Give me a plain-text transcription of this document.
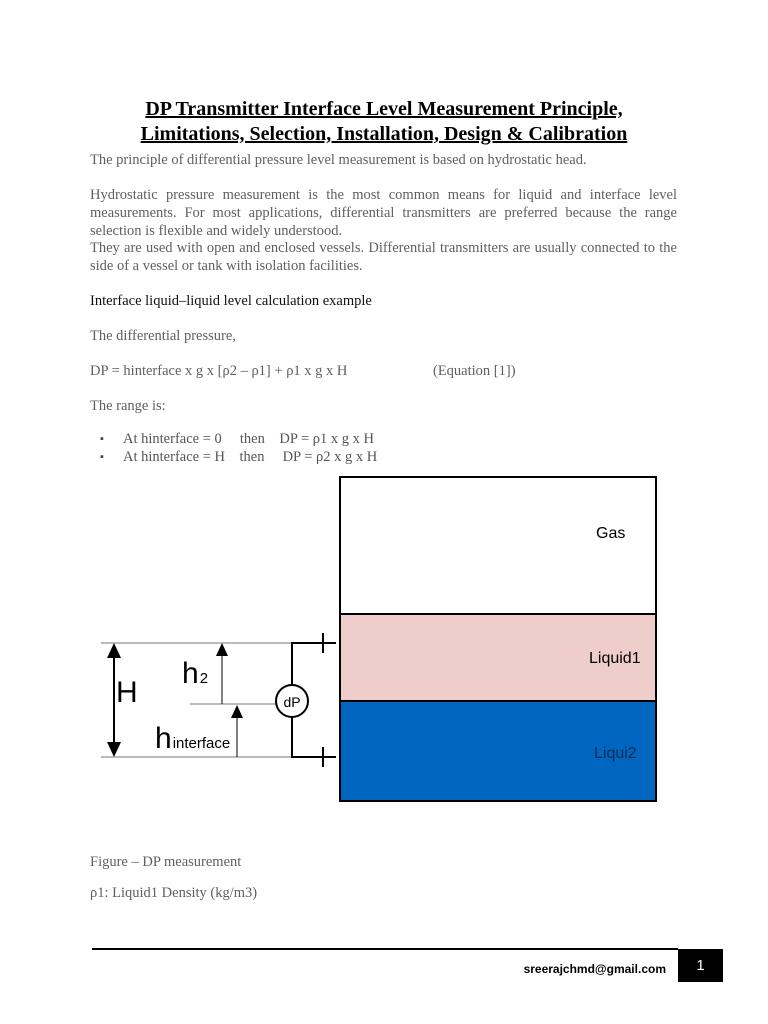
DP Transmitter Interface Level Measurement Principle,
Limitations, Selection, Installation, Design & Calibration

The principle of differential pressure level measurement is based on hydrostatic head.

Hydrostatic pressure measurement is the most common means for liquid and interface level measurements. For most applications, differential transmitters are preferred because the range selection is flexible and widely understood.

They are used with open and enclosed vessels. Differential transmitters are usually connected to the side of a vessel or tank with isolation facilities.

Interface liquid–liquid level calculation example

The differential pressure,

DP = hinterface x g x [ρ2 – ρ1] + ρ1 x g x H	(Equation [1])

The range is:

▪ At hinterface = 0     then    DP = ρ1 x g x H
▪ At hinterface = H    then     DP = ρ2 x g x H
Gas
Liquid1
Liqui2
H
h2
hinterface
dP

Figure – DP measurement

ρ1: Liquid1 Density (kg/m3)

sreerajchmd@gmail.com 1
